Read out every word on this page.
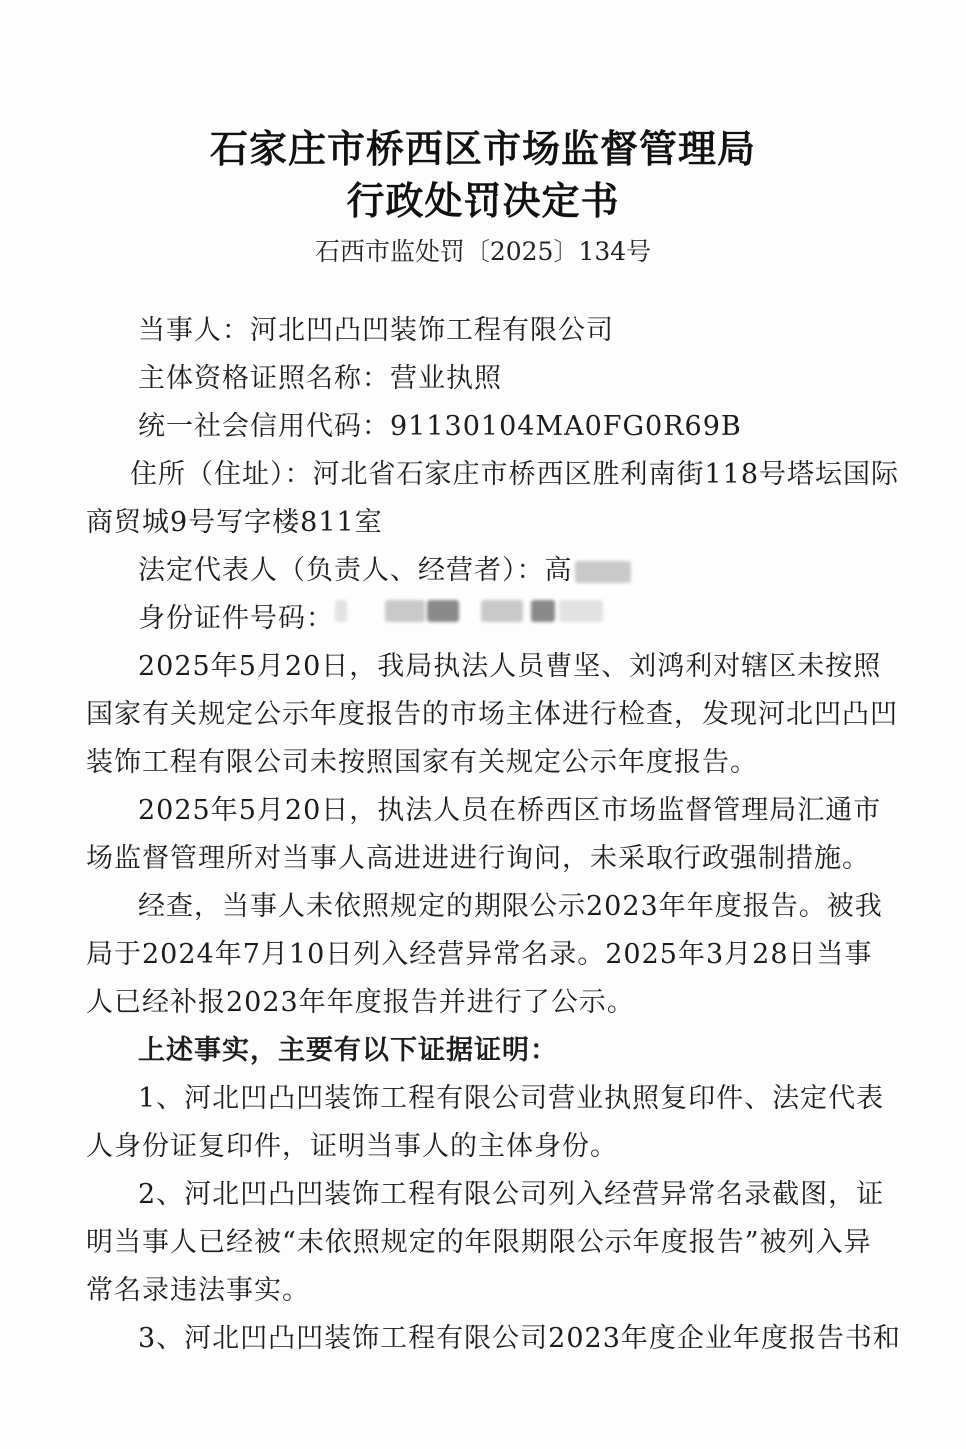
石家庄市桥西区市场监督管理局
行政处罚决定书
石西市监处罚〔2025〕134号
当事人：河北凹凸凹装饰工程有限公司
主体资格证照名称：营业执照
统一社会信用代码：91130104MA0FG0R69B
住所（住址）：河北省石家庄市桥西区胜利南街118号塔坛国际
商贸城9号写字楼811室
法定代表人（负责人、经营者）：高
身份证件号码：
2025年5月20日，我局执法人员曹坚、刘鸿利对辖区未按照
国家有关规定公示年度报告的市场主体进行检查，发现河北凹凸凹
装饰工程有限公司未按照国家有关规定公示年度报告。
2025年5月20日，执法人员在桥西区市场监督管理局汇通市
场监督管理所对当事人高进进进行询问，未采取行政强制措施。
经查，当事人未依照规定的期限公示2023年年度报告。被我
局于2024年7月10日列入经营异常名录。2025年3月28日当事
人已经补报2023年年度报告并进行了公示。
上述事实，主要有以下证据证明：
1、河北凹凸凹装饰工程有限公司营业执照复印件、法定代表
人身份证复印件，证明当事人的主体身份。
2、河北凹凸凹装饰工程有限公司列入经营异常名录截图，证
明当事人已经被“未依照规定的年限期限公示年度报告”被列入异
常名录违法事实。
3、河北凹凸凹装饰工程有限公司2023年度企业年度报告书和
